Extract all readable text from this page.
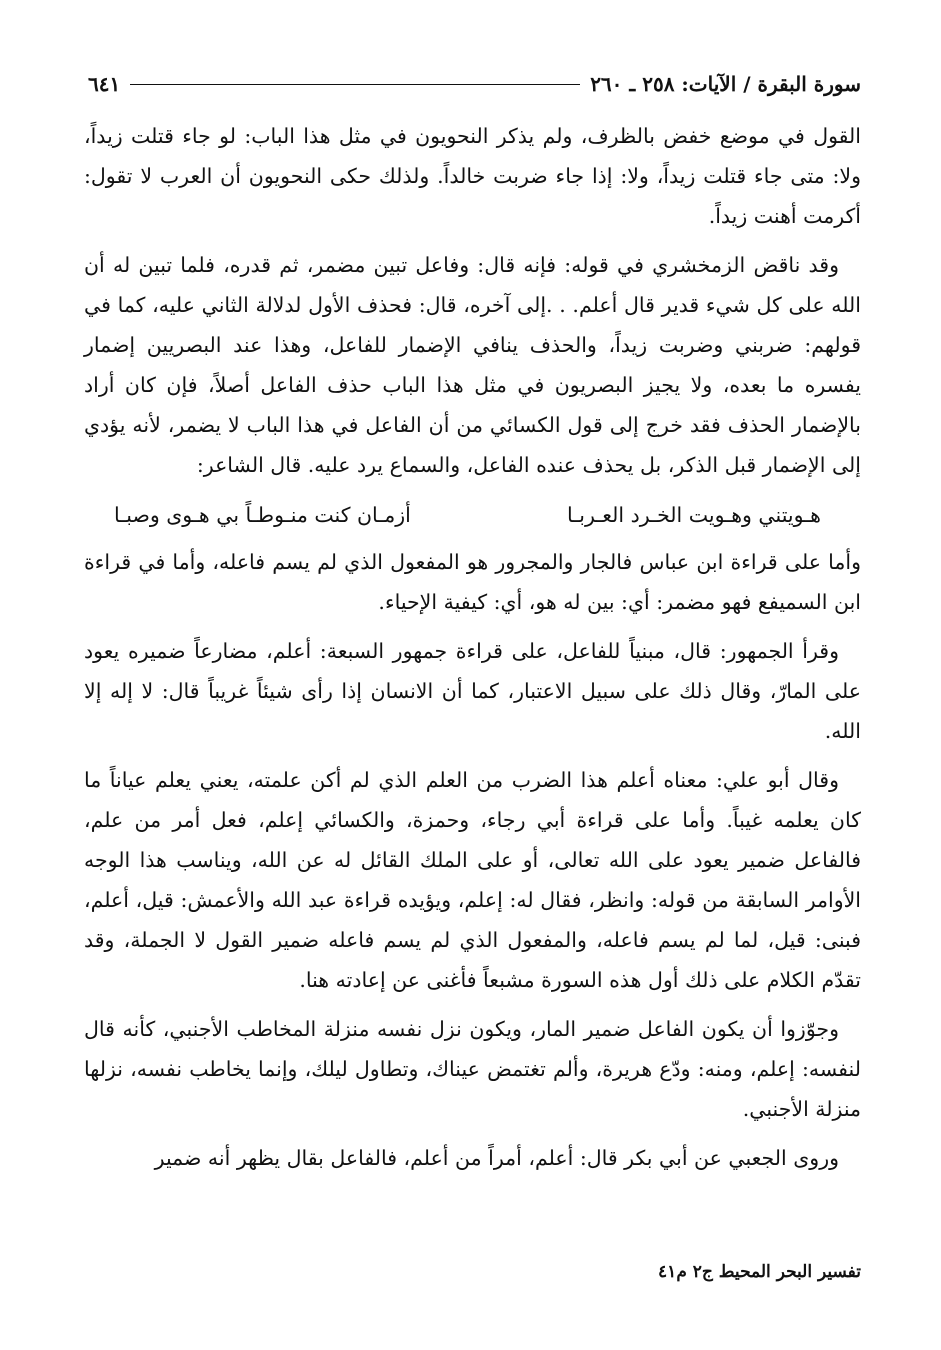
سورة البقرة / الآيات: ٢٥٨ ـ ٢٦٠
٦٤١

القول في موضع خفض بالظرف، ولم يذكر النحويون في مثل هذا الباب: لو جاء قتلت زيداً، ولا: متى جاء قتلت زيداً، ولا: إذا جاء ضربت خالداً. ولذلك حكى النحويون أن العرب لا تقول: أكرمت أهنت زيداً.

وقد ناقض الزمخشري في قوله: فإنه قال: وفاعل تبين مضمر، ثم قدره، فلما تبين له أن الله على كل شيء قدير قال أعلم. . .إلى آخره، قال: فحذف الأول لدلالة الثاني عليه، كما في قولهم: ضربني وضربت زيداً، والحذف ينافي الإضمار للفاعل، وهذا عند البصريين إضمار يفسره ما بعده، ولا يجيز البصريون في مثل هذا الباب حذف الفاعل أصلاً، فإن كان أراد بالإضمار الحذف فقد خرج إلى قول الكسائي من أن الفاعل في هذا الباب لا يضمر، لأنه يؤدي إلى الإضمار قبل الذكر، بل يحذف عنده الفاعل، والسماع يرد عليه. قال الشاعر:

هـويتني وهـويت الخـرد العـربـا
أزمـان كنت منـوطـاً بي هـوى وصبـا

وأما على قراءة ابن عباس فالجار والمجرور هو المفعول الذي لم يسم فاعله، وأما في قراءة ابن السميفع فهو مضمر: أي: بين له هو، أي: كيفية الإحياء.

وقرأ الجمهور: قال، مبنياً للفاعل، على قراءة جمهور السبعة: أعلم، مضارعاً ضميره يعود على المارّ، وقال ذلك على سبيل الاعتبار، كما أن الانسان إذا رأى شيئاً غريباً قال: لا إله إلا الله.

وقال أبو علي: معناه أعلم هذا الضرب من العلم الذي لم أكن علمته، يعني يعلم عياناً ما كان يعلمه غيباً. وأما على قراءة أبي رجاء، وحمزة، والكسائي إعلم، فعل أمر من علم، فالفاعل ضمير يعود على الله تعالى، أو على الملك القائل له عن الله، ويناسب هذا الوجه الأوامر السابقة من قوله: وانظر، فقال له: إعلم، ويؤيده قراءة عبد الله والأعمش: قيل، أعلم، فبنى: قيل، لما لم يسم فاعله، والمفعول الذي لم يسم فاعله ضمير القول لا الجملة، وقد تقدّم الكلام على ذلك أول هذه السورة مشبعاً فأغنى عن إعادته هنا.

وجوّزوا أن يكون الفاعل ضمير المار، ويكون نزل نفسه منزلة المخاطب الأجنبي، كأنه قال لنفسه: إعلم، ومنه: ودّع هريرة، وألم تغتمض عيناك، وتطاول ليلك، وإنما يخاطب نفسه، نزلها منزلة الأجنبي.

وروى الجعبي عن أبي بكر قال: أعلم، أمراً من أعلم، فالفاعل بقال يظهر أنه ضمير

تفسير البحر المحيط ج٢ م٤١
